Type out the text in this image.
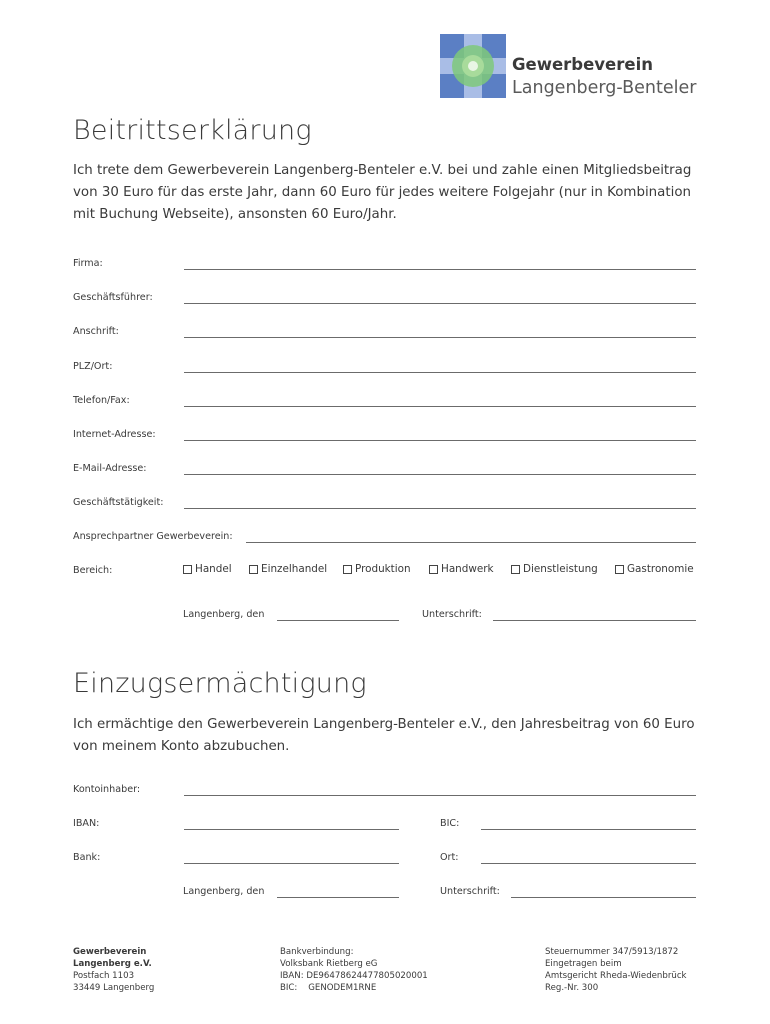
Gewerbeverein
Langenberg-Benteler
Beitrittserklärung
Ich trete dem Gewerbeverein Langenberg-Benteler e.V. bei und zahle einen Mitgliedsbeitrag von 30 Euro für das erste Jahr, dann 60 Euro für jedes weitere Folgejahr (nur in Kombination mit Buchung Webseite), ansonsten 60 Euro/Jahr.
Firma:
Geschäftsführer:
Anschrift:
PLZ/Ort:
Telefon/Fax:
Internet-Adresse:
E-Mail-Adresse:
Geschäftstätigkeit:
Ansprechpartner Gewerbeverein:
Bereich:	Handel	Einzelhandel	Produktion	Handwerk	Dienstleistung	Gastronomie
Langenberg, den	Unterschrift:
Einzugsermächtigung
Ich ermächtige den Gewerbeverein Langenberg-Benteler e.V., den Jahresbeitrag von 60 Euro von meinem Konto abzubuchen.
Kontoinhaber:
IBAN:	BIC:
Bank:	Ort:
Langenberg, den	Unterschrift:
Gewerbeverein
Langenberg e.V.
Postfach 1103
33449 Langenberg
Bankverbindung:
Volksbank Rietberg eG
IBAN: DE96478624477805020001
BIC:    GENODEM1RNE
Steuernummer 347/5913/1872
Eingetragen beim
Amtsgericht Rheda-Wiedenbrück
Reg.-Nr. 300
